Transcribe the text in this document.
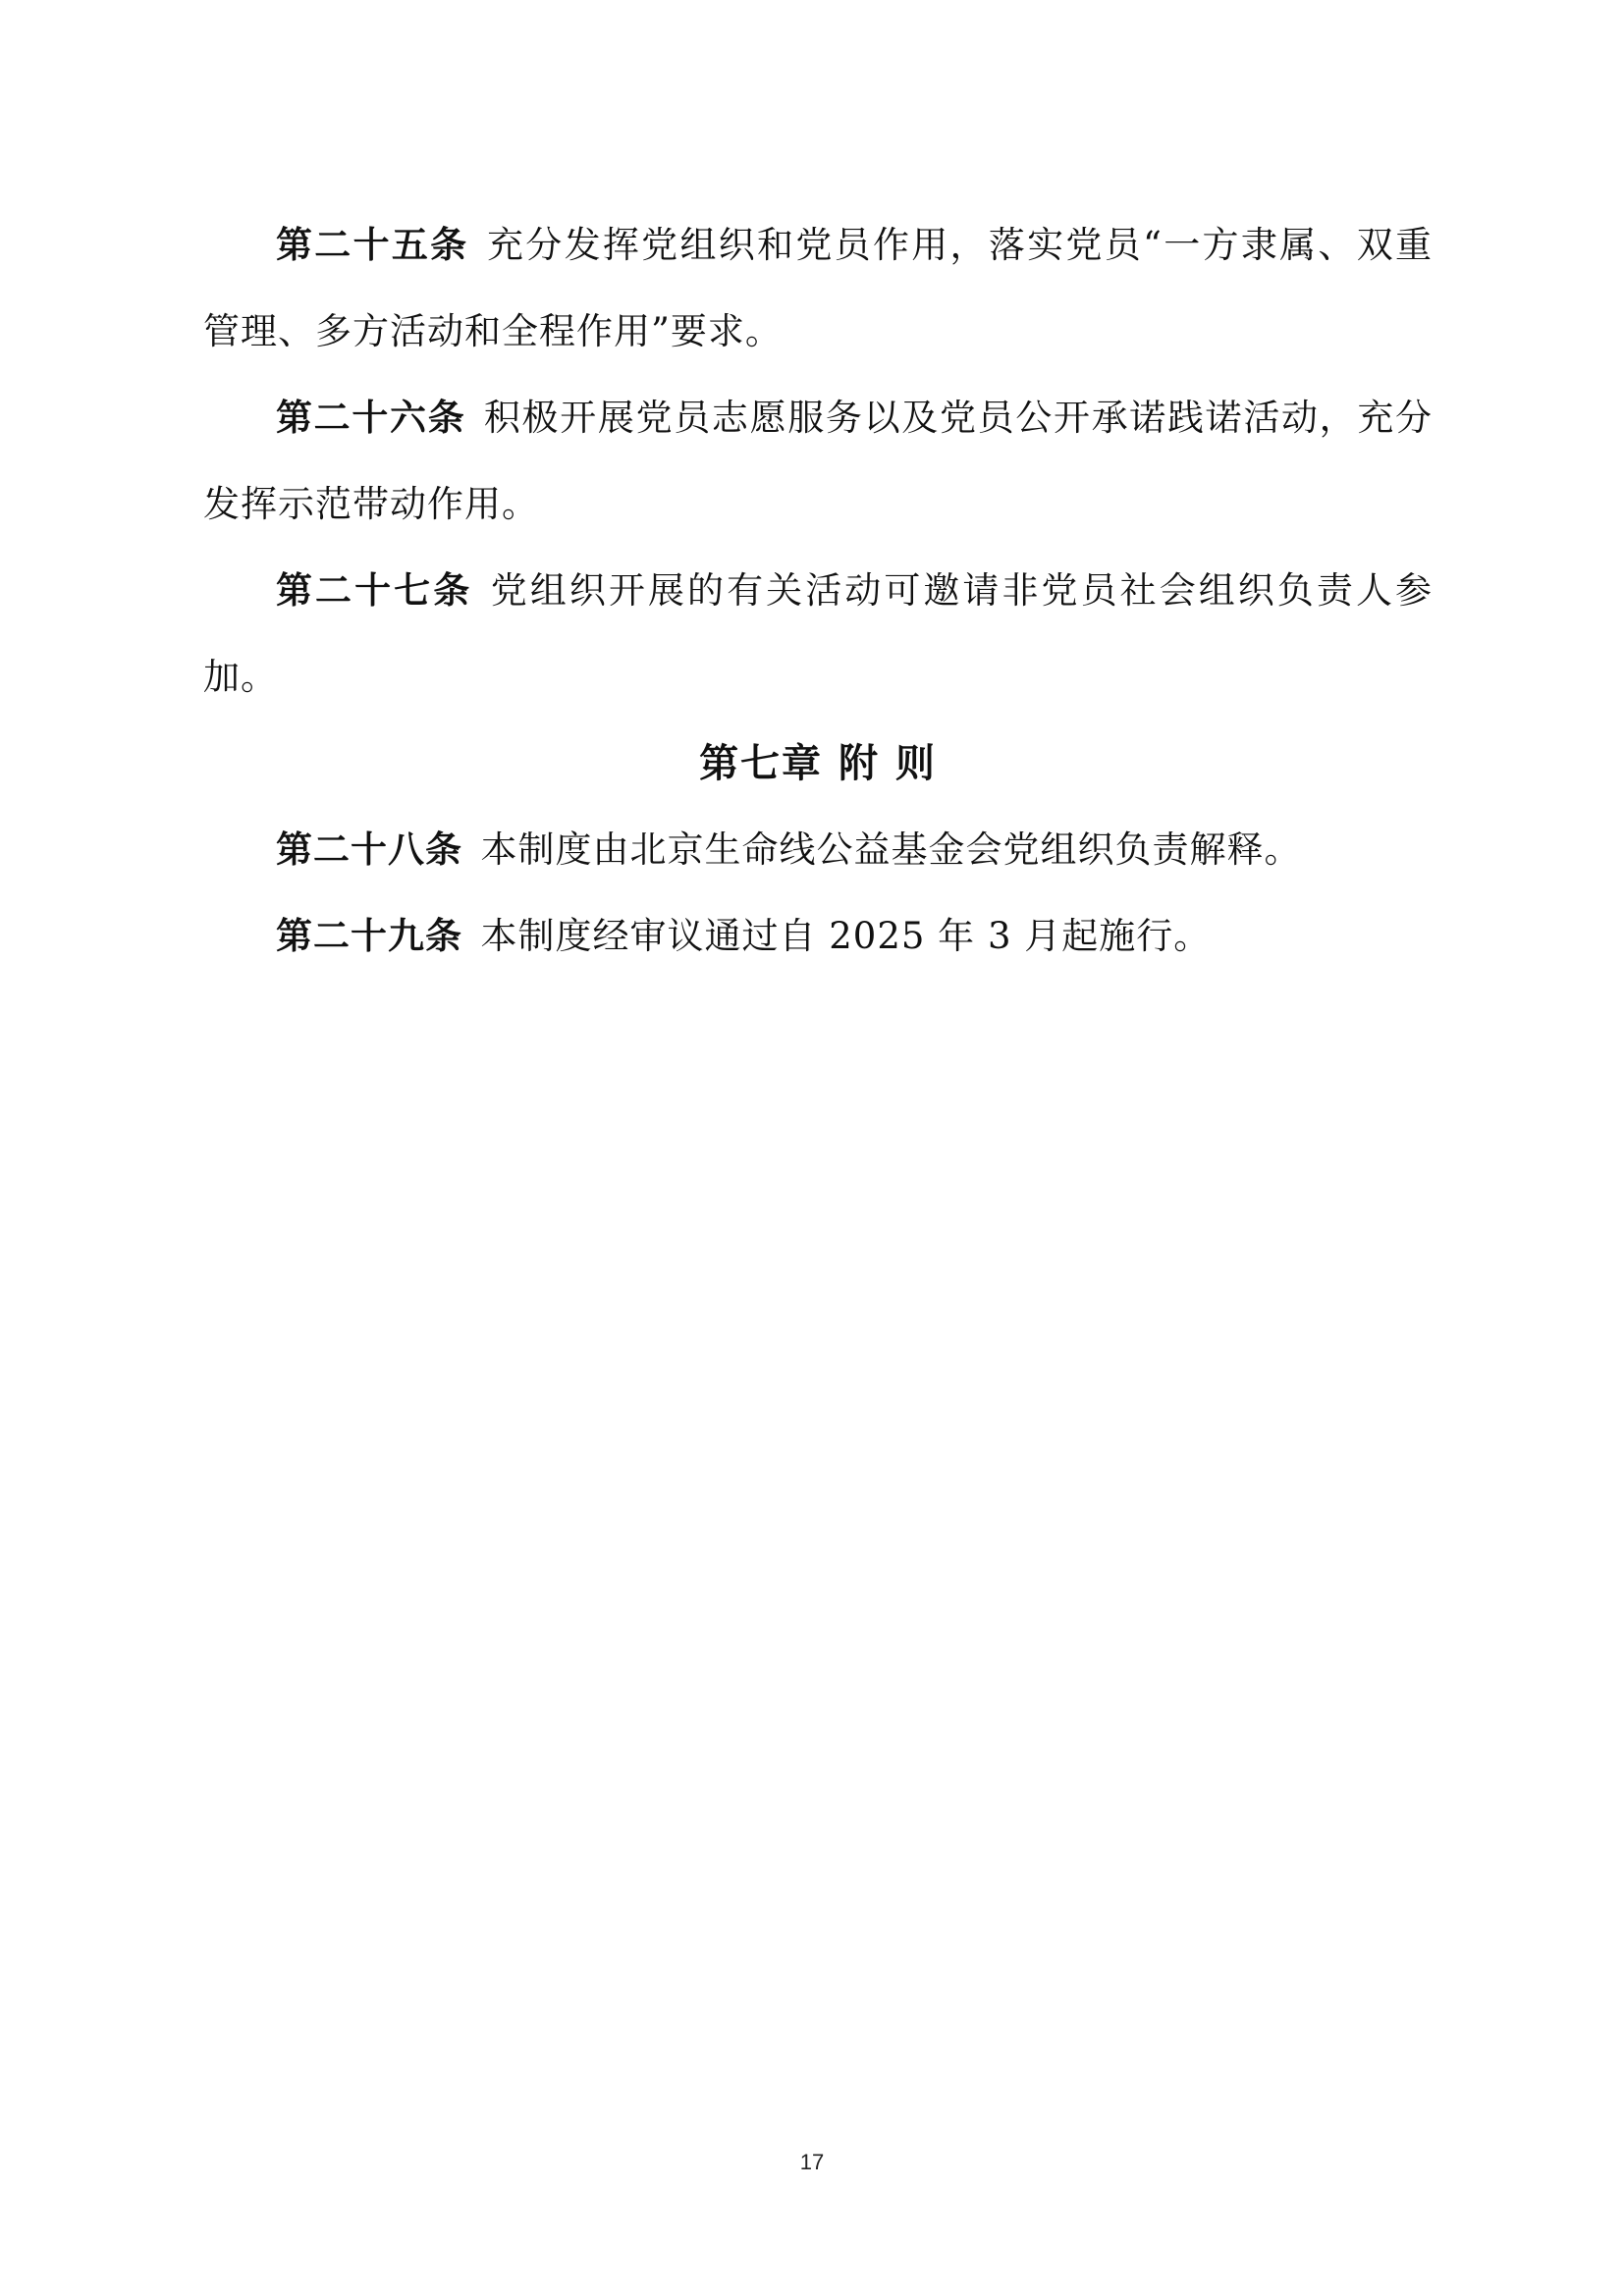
第二十五条 充分发挥党组织和党员作用，落实党员“一方隶属、双重管理、多方活动和全程作用”要求。

第二十六条 积极开展党员志愿服务以及党员公开承诺践诺活动，充分发挥示范带动作用。

第二十七条 党组织开展的有关活动可邀请非党员社会组织负责人参加。

第七章 附 则

第二十八条 本制度由北京生命线公益基金会党组织负责解释。

第二十九条 本制度经审议通过自 2025 年 3 月起施行。

17
